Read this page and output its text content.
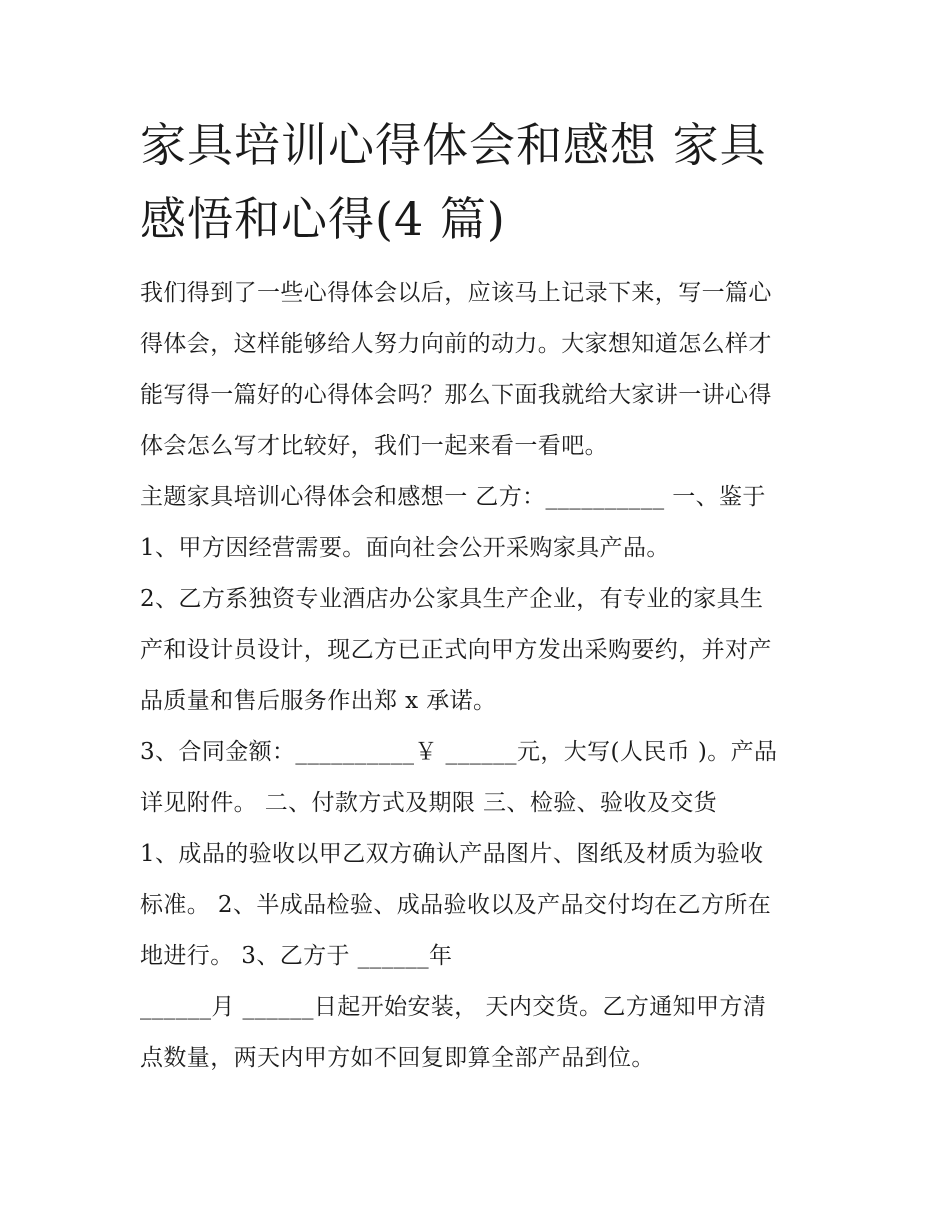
家具培训心得体会和感想 家具
感悟和心得(4 篇)
我们得到了一些心得体会以后，应该马上记录下来，写一篇心
得体会，这样能够给人努力向前的动力。大家想知道怎么样才
能写得一篇好的心得体会吗？那么下面我就给大家讲一讲心得
体会怎么写才比较好，我们一起来看一看吧。
主题家具培训心得体会和感想一 乙方：__________ 一、鉴于
1、甲方因经营需要。面向社会公开采购家具产品。
2、乙方系独资专业酒店办公家具生产企业，有专业的家具生
产和设计员设计，现乙方已正式向甲方发出采购要约，并对产
品质量和售后服务作出郑 x 承诺。
3、合同金额：__________￥ ______元，大写(人民币 )。产品
详见附件。 二、付款方式及期限 三、检验、验收及交货
1、成品的验收以甲乙双方确认产品图片、图纸及材质为验收
标准。 2、半成品检验、成品验收以及产品交付均在乙方所在
地进行。 3、乙方于 ______年
______月 ______日起开始安装， 天内交货。乙方通知甲方清
点数量，两天内甲方如不回复即算全部产品到位。
